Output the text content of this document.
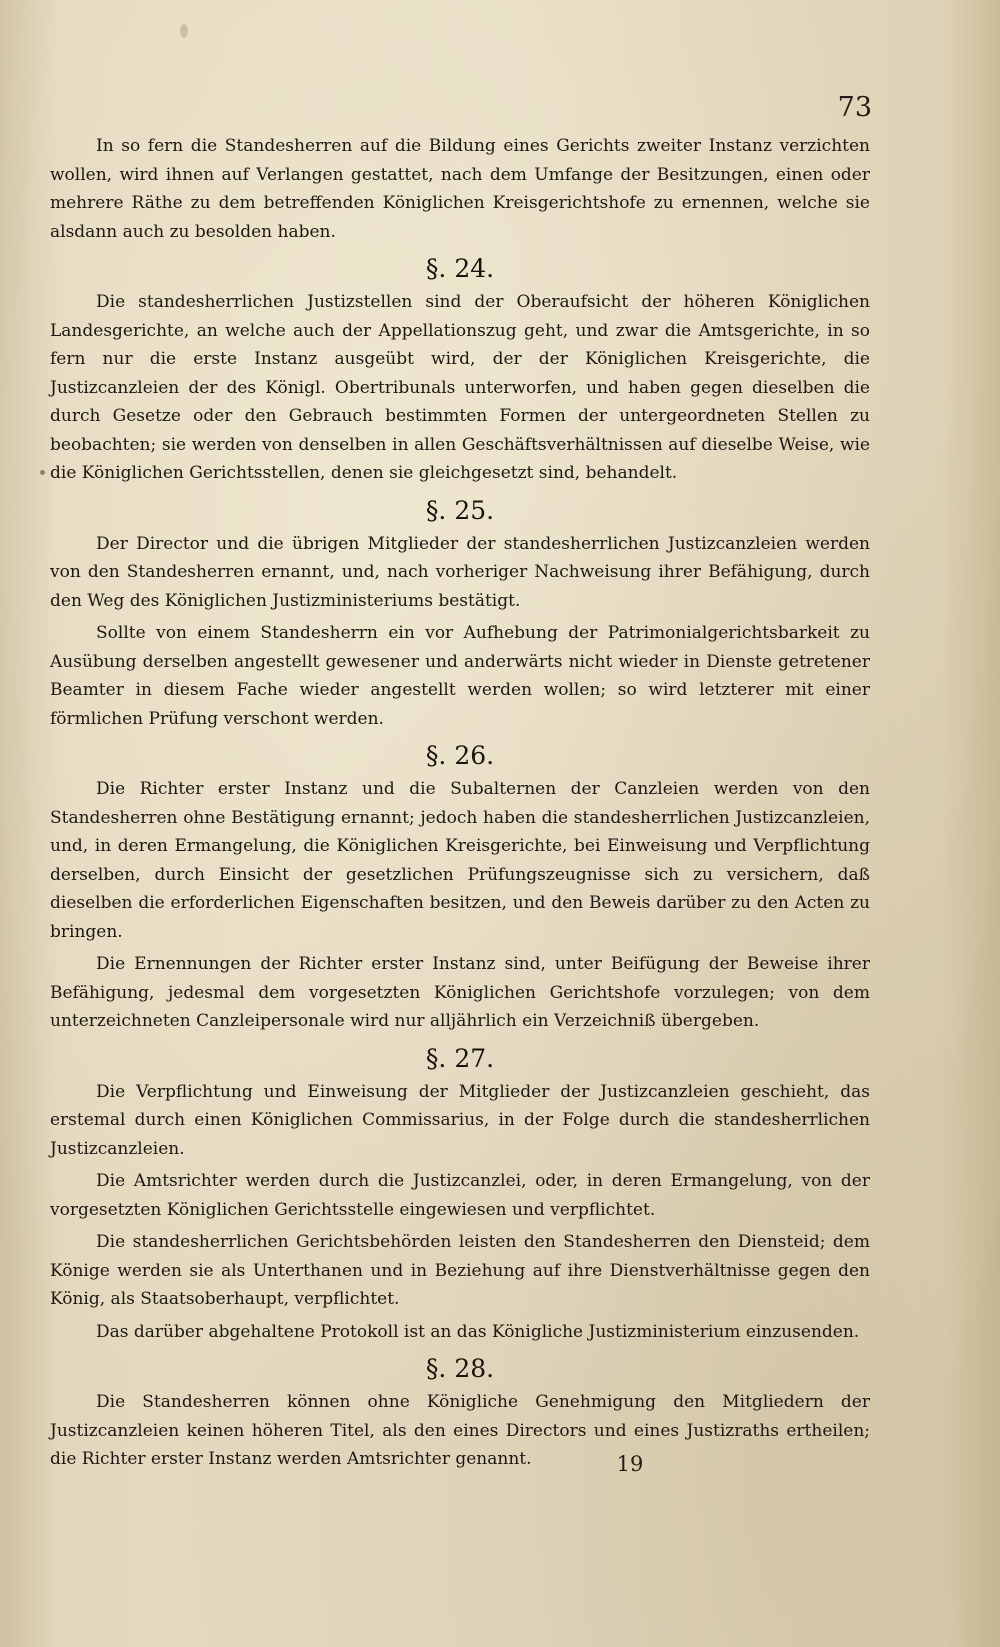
73

In so fern die Standesherren auf die Bildung eines Gerichts zweiter Instanz verzichten wollen, wird ihnen auf Verlangen gestattet, nach dem Umfange der Besitzungen, einen oder mehrere Räthe zu dem betreffenden Königlichen Kreisgerichtshofe zu ernennen, welche sie alsdann auch zu besolden haben.

§. 24.

Die standesherrlichen Justizstellen sind der Oberaufsicht der höheren Königlichen Landesgerichte, an welche auch der Appellationszug geht, und zwar die Amtsgerichte, in so fern nur die erste Instanz ausgeübt wird, der der Königlichen Kreisgerichte, die Justizcanzleien der des Königl. Obertribunals unterworfen, und haben gegen dieselben die durch Gesetze oder den Gebrauch bestimmten Formen der untergeordneten Stellen zu beobachten; sie werden von denselben in allen Geschäftsverhältnissen auf dieselbe Weise, wie die Königlichen Gerichtsstellen, denen sie gleichgesetzt sind, behandelt.

§. 25.

Der Director und die übrigen Mitglieder der standesherrlichen Justizcanzleien werden von den Standesherren ernannt, und, nach vorheriger Nachweisung ihrer Befähigung, durch den Weg des Königlichen Justizministeriums bestätigt.

Sollte von einem Standesherrn ein vor Aufhebung der Patrimonialgerichtsbarkeit zu Ausübung derselben angestellt gewesener und anderwärts nicht wieder in Dienste getretener Beamter in diesem Fache wieder angestellt werden wollen; so wird letzterer mit einer förmlichen Prüfung verschont werden.

§. 26.

Die Richter erster Instanz und die Subalternen der Canzleien werden von den Standesherren ohne Bestätigung ernannt; jedoch haben die standesherrlichen Justizcanzleien, und, in deren Ermangelung, die Königlichen Kreisgerichte, bei Einweisung und Verpflichtung derselben, durch Einsicht der gesetzlichen Prüfungszeugnisse sich zu versichern, daß dieselben die erforderlichen Eigenschaften besitzen, und den Beweis darüber zu den Acten zu bringen.

Die Ernennungen der Richter erster Instanz sind, unter Beifügung der Beweise ihrer Befähigung, jedesmal dem vorgesetzten Königlichen Gerichtshofe vorzulegen; von dem unterzeichneten Canzleipersonale wird nur alljährlich ein Verzeichniß übergeben.

§. 27.

Die Verpflichtung und Einweisung der Mitglieder der Justizcanzleien geschieht, das erstemal durch einen Königlichen Commissarius, in der Folge durch die standesherrlichen Justizcanzleien.

Die Amtsrichter werden durch die Justizcanzlei, oder, in deren Ermangelung, von der vorgesetzten Königlichen Gerichtsstelle eingewiesen und verpflichtet.

Die standesherrlichen Gerichtsbehörden leisten den Standesherren den Diensteid; dem Könige werden sie als Unterthanen und in Beziehung auf ihre Dienstverhältnisse gegen den König, als Staatsoberhaupt, verpflichtet.

Das darüber abgehaltene Protokoll ist an das Königliche Justizministerium einzusenden.

§. 28.

Die Standesherren können ohne Königliche Genehmigung den Mitgliedern der Justizcanzleien keinen höheren Titel, als den eines Directors und eines Justizraths ertheilen; die Richter erster Instanz werden Amtsrichter genannt.	19
